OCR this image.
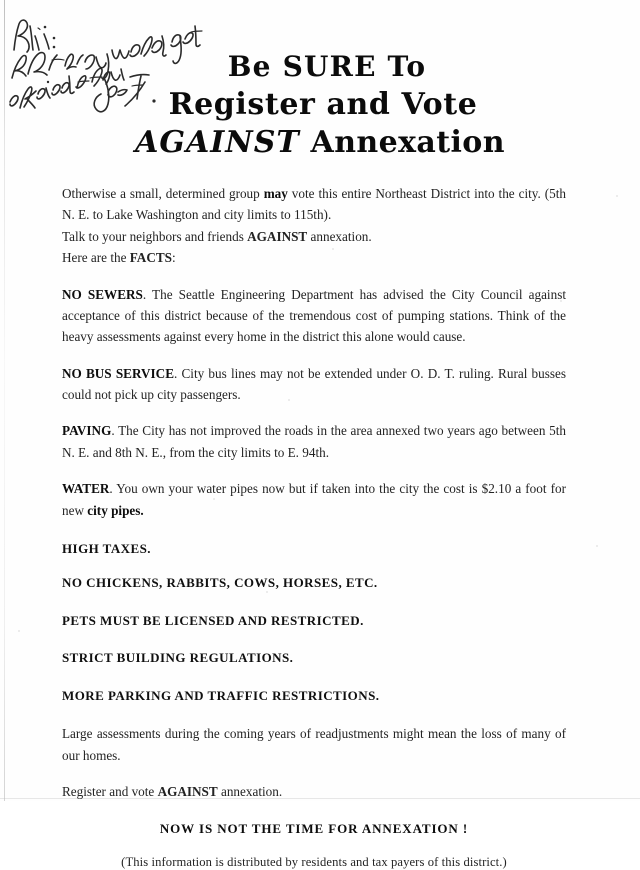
Be SURE To
Register and Vote
AGAINST Annexation

Otherwise a small, determined group may vote this entire Northeast District into the city. (5th N. E. to Lake Washington and city limits to 115th).

Talk to your neighbors and friends AGAINST annexation.

Here are the FACTS:

NO SEWERS. The Seattle Engineering Department has advised the City Council against acceptance of this district because of the tremendous cost of pumping stations. Think of the heavy assessments against every home in the district this alone would cause.

NO BUS SERVICE. City bus lines may not be extended under O. D. T. ruling. Rural busses could not pick up city passengers.

PAVING. The City has not improved the roads in the area annexed two years ago between 5th N. E. and 8th N. E., from the city limits to E. 94th.

WATER. You own your water pipes now but if taken into the city the cost is $2.10 a foot for new city pipes.

HIGH TAXES.

NO CHICKENS, RABBITS, COWS, HORSES, ETC.

PETS MUST BE LICENSED AND RESTRICTED.

STRICT BUILDING REGULATIONS.

MORE PARKING AND TRAFFIC RESTRICTIONS.

Large assessments during the coming years of readjustments might mean the loss of many of our homes.

Register and vote AGAINST annexation.

NOW IS NOT THE TIME FOR ANNEXATION !

(This information is distributed by residents and tax payers of this district.)
